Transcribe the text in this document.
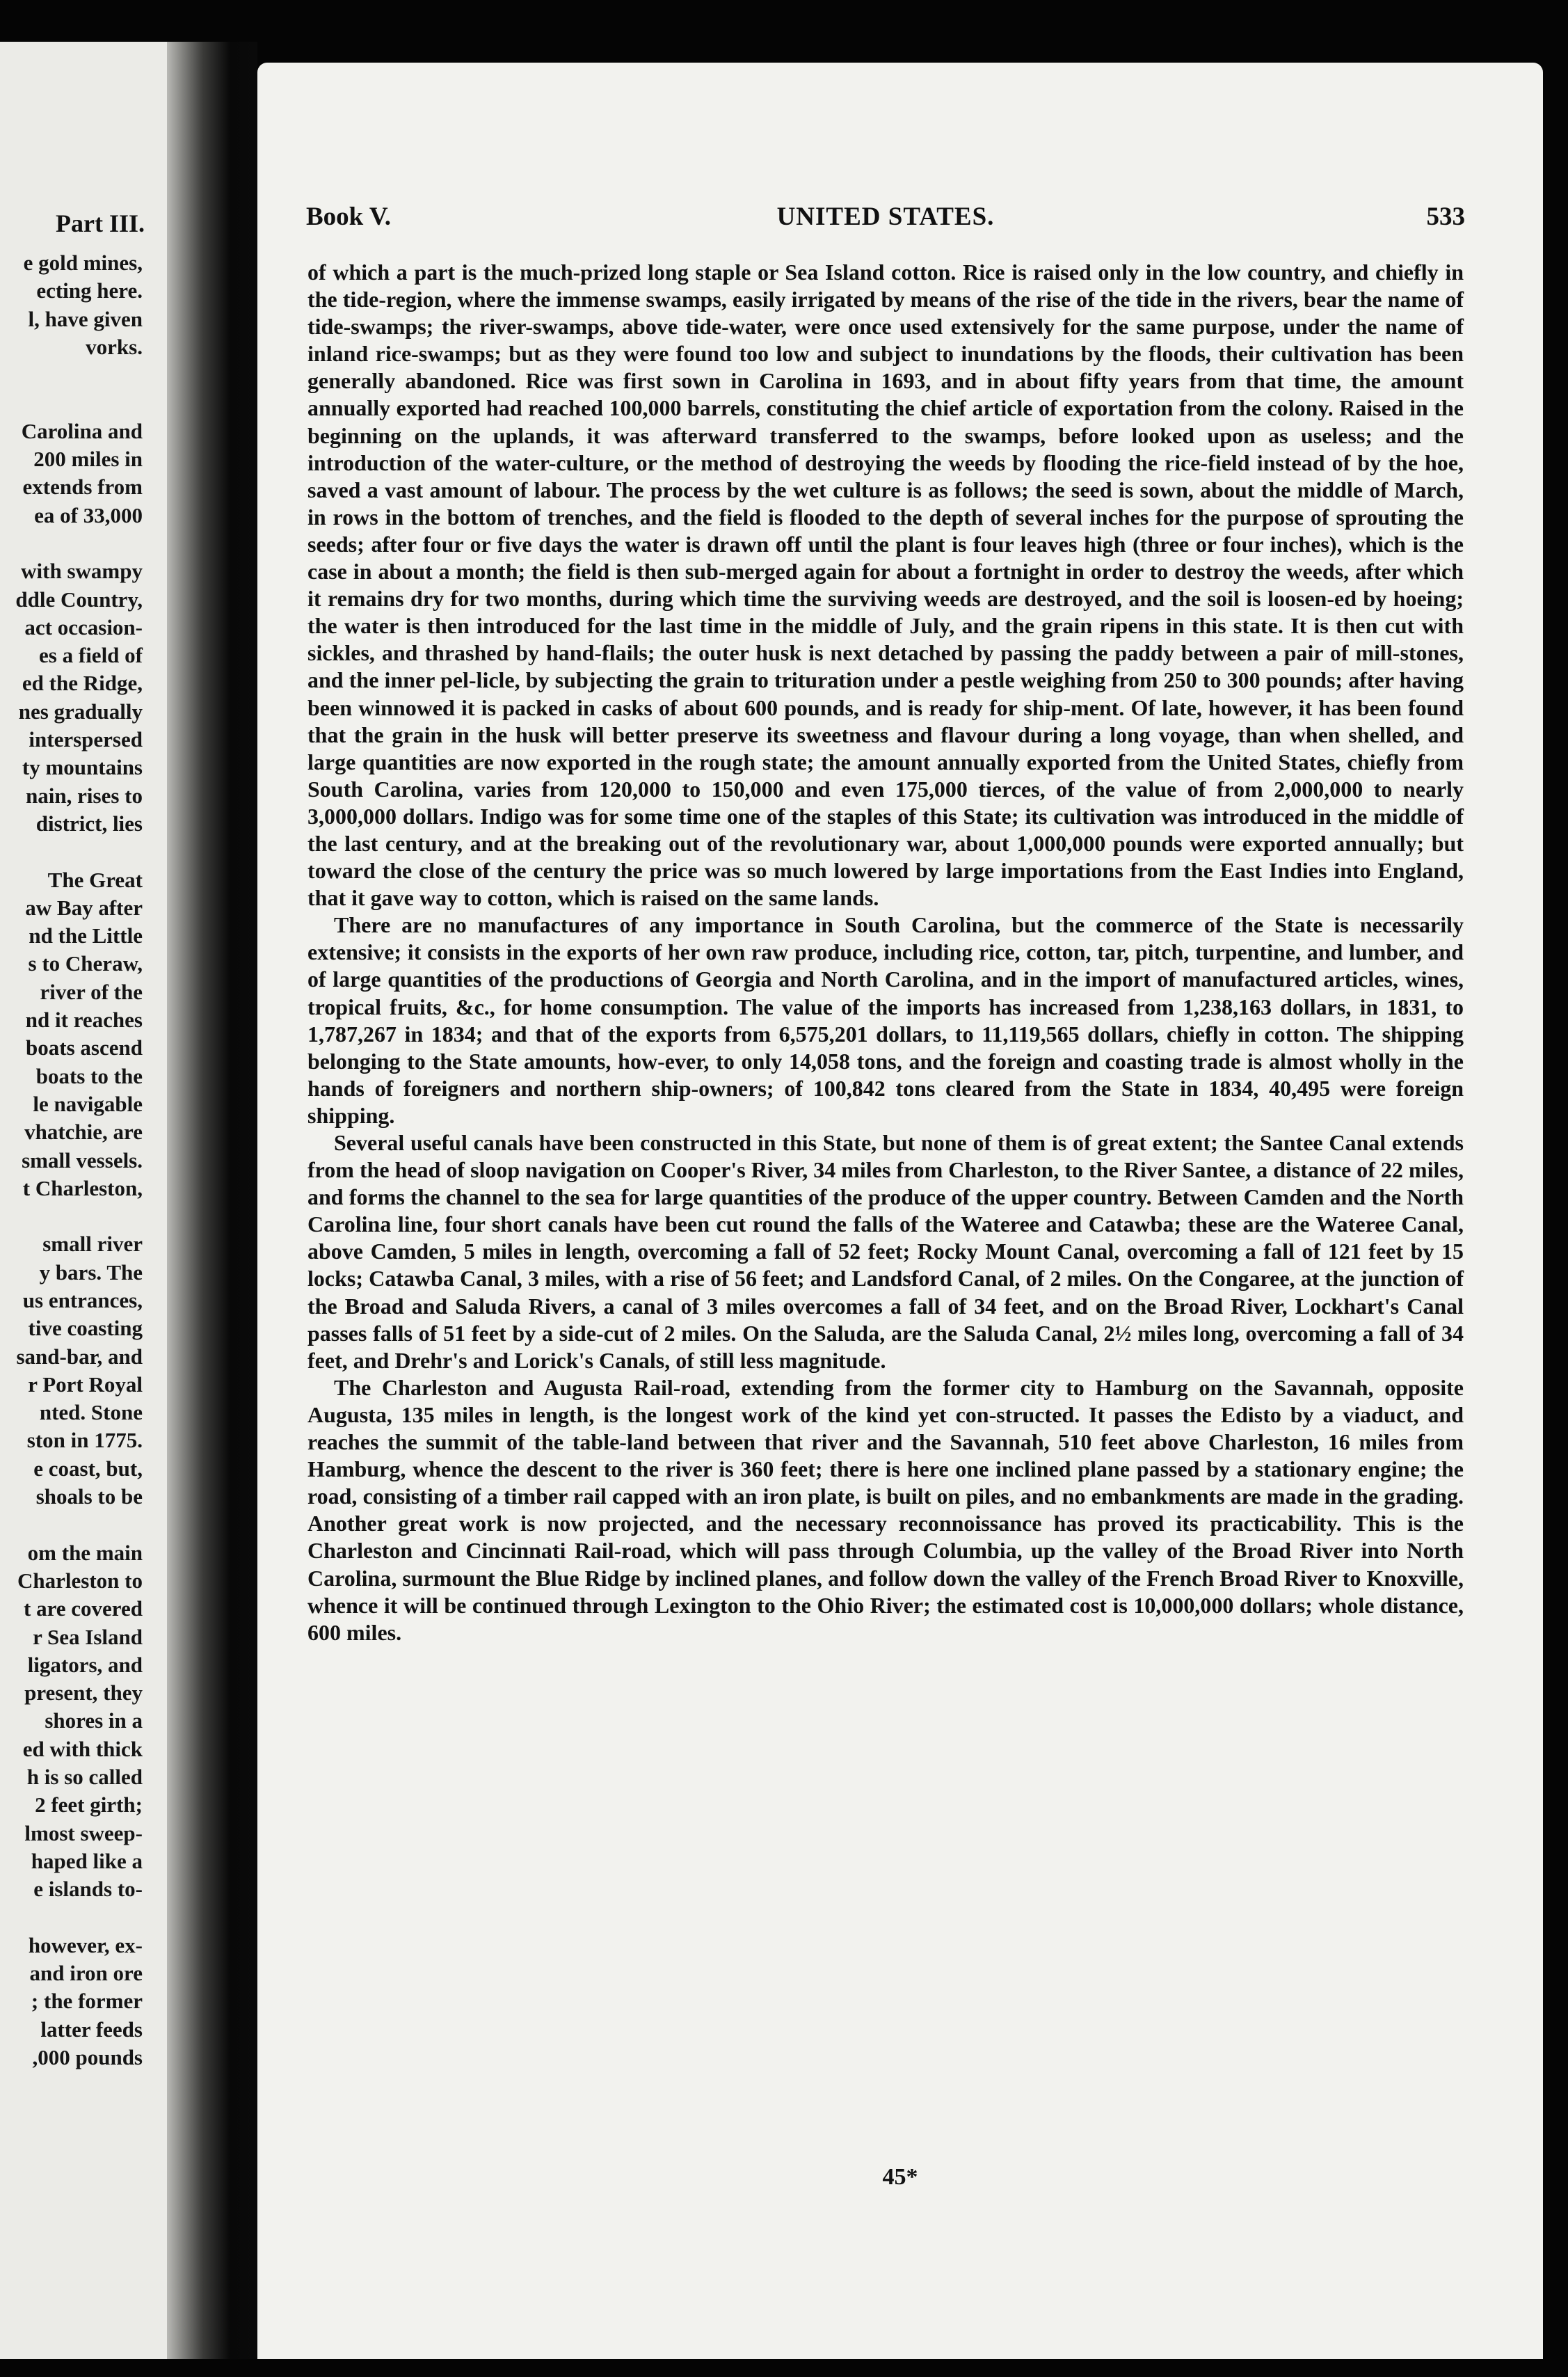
Part III.
e gold mines,
ecting here.
l, have given
vorks.
Carolina and
200 miles in
extends from
ea of 33,000
with swampy
ddle Country,
act occasion-
es a field of
ed the Ridge,
nes gradually
interspersed
ty mountains
nain, rises to
district, lies
The Great
aw Bay after
nd the Little
s to Cheraw,
river of the
nd it reaches
boats ascend
boats to the
le navigable
vhatchie, are
small vessels.
t Charleston,
small river
y bars. The
us entrances,
tive coasting
sand-bar, and
r Port Royal
nted. Stone
ston in 1775.
e coast, but,
shoals to be
om the main
Charleston to
t are covered
r Sea Island
ligators, and
present, they
shores in a
ed with thick
h is so called
2 feet girth;
lmost sweep-
haped like a
e islands to-
however, ex-
and iron ore
; the former
latter feeds
,000 pounds
Book V.	UNITED STATES.	533

of which a part is the much-prized long staple or Sea Island cotton. Rice is raised only in the low country, and chiefly in the tide-region, where the immense swamps, easily irrigated by means of the rise of the tide in the rivers, bear the name of tide-swamps; the river-swamps, above tide-water, were once used extensively for the same purpose, under the name of inland rice-swamps; but as they were found too low and subject to inundations by the floods, their cultivation has been generally abandoned. Rice was first sown in Carolina in 1693, and in about fifty years from that time, the amount annually exported had reached 100,000 barrels, constituting the chief article of exportation from the colony. Raised in the beginning on the uplands, it was afterward transferred to the swamps, before looked upon as useless; and the introduction of the water-culture, or the method of destroying the weeds by flooding the rice-field instead of by the hoe, saved a vast amount of labour. The process by the wet culture is as follows; the seed is sown, about the middle of March, in rows in the bottom of trenches, and the field is flooded to the depth of several inches for the purpose of sprouting the seeds; after four or five days the water is drawn off until the plant is four leaves high (three or four inches), which is the case in about a month; the field is then sub-merged again for about a fortnight in order to destroy the weeds, after which it remains dry for two months, during which time the surviving weeds are destroyed, and the soil is loosen-ed by hoeing; the water is then introduced for the last time in the middle of July, and the grain ripens in this state. It is then cut with sickles, and thrashed by hand-flails; the outer husk is next detached by passing the paddy between a pair of mill-stones, and the inner pel-licle, by subjecting the grain to trituration under a pestle weighing from 250 to 300 pounds; after having been winnowed it is packed in casks of about 600 pounds, and is ready for ship-ment. Of late, however, it has been found that the grain in the husk will better preserve its sweetness and flavour during a long voyage, than when shelled, and large quantities are now exported in the rough state; the amount annually exported from the United States, chiefly from South Carolina, varies from 120,000 to 150,000 and even 175,000 tierces, of the value of from 2,000,000 to nearly 3,000,000 dollars. Indigo was for some time one of the staples of this State; its cultivation was introduced in the middle of the last century, and at the breaking out of the revolutionary war, about 1,000,000 pounds were exported annually; but toward the close of the century the price was so much lowered by large importations from the East Indies into England, that it gave way to cotton, which is raised on the same lands.

There are no manufactures of any importance in South Carolina, but the commerce of the State is necessarily extensive; it consists in the exports of her own raw produce, including rice, cotton, tar, pitch, turpentine, and lumber, and of large quantities of the productions of Georgia and North Carolina, and in the import of manufactured articles, wines, tropical fruits, &c., for home consumption. The value of the imports has increased from 1,238,163 dollars, in 1831, to 1,787,267 in 1834; and that of the exports from 6,575,201 dollars, to 11,119,565 dollars, chiefly in cotton. The shipping belonging to the State amounts, how-ever, to only 14,058 tons, and the foreign and coasting trade is almost wholly in the hands of foreigners and northern ship-owners; of 100,842 tons cleared from the State in 1834, 40,495 were foreign shipping.

Several useful canals have been constructed in this State, but none of them is of great extent; the Santee Canal extends from the head of sloop navigation on Cooper's River, 34 miles from Charleston, to the River Santee, a distance of 22 miles, and forms the channel to the sea for large quantities of the produce of the upper country. Between Camden and the North Carolina line, four short canals have been cut round the falls of the Wateree and Catawba; these are the Wateree Canal, above Camden, 5 miles in length, overcoming a fall of 52 feet; Rocky Mount Canal, overcoming a fall of 121 feet by 15 locks; Catawba Canal, 3 miles, with a rise of 56 feet; and Landsford Canal, of 2 miles. On the Congaree, at the junction of the Broad and Saluda Rivers, a canal of 3 miles overcomes a fall of 34 feet, and on the Broad River, Lockhart's Canal passes falls of 51 feet by a side-cut of 2 miles. On the Saluda, are the Saluda Canal, 2½ miles long, overcoming a fall of 34 feet, and Drehr's and Lorick's Canals, of still less magnitude.

The Charleston and Augusta Rail-road, extending from the former city to Hamburg on the Savannah, opposite Augusta, 135 miles in length, is the longest work of the kind yet con-structed. It passes the Edisto by a viaduct, and reaches the summit of the table-land between that river and the Savannah, 510 feet above Charleston, 16 miles from Hamburg, whence the descent to the river is 360 feet; there is here one inclined plane passed by a stationary engine; the road, consisting of a timber rail capped with an iron plate, is built on piles, and no embankments are made in the grading. Another great work is now projected, and the necessary reconnoissance has proved its practicability. This is the Charleston and Cincinnati Rail-road, which will pass through Columbia, up the valley of the Broad River into North Carolina, surmount the Blue Ridge by inclined planes, and follow down the valley of the French Broad River to Knoxville, whence it will be continued through Lexington to the Ohio River; the estimated cost is 10,000,000 dollars; whole distance, 600 miles.

45*
